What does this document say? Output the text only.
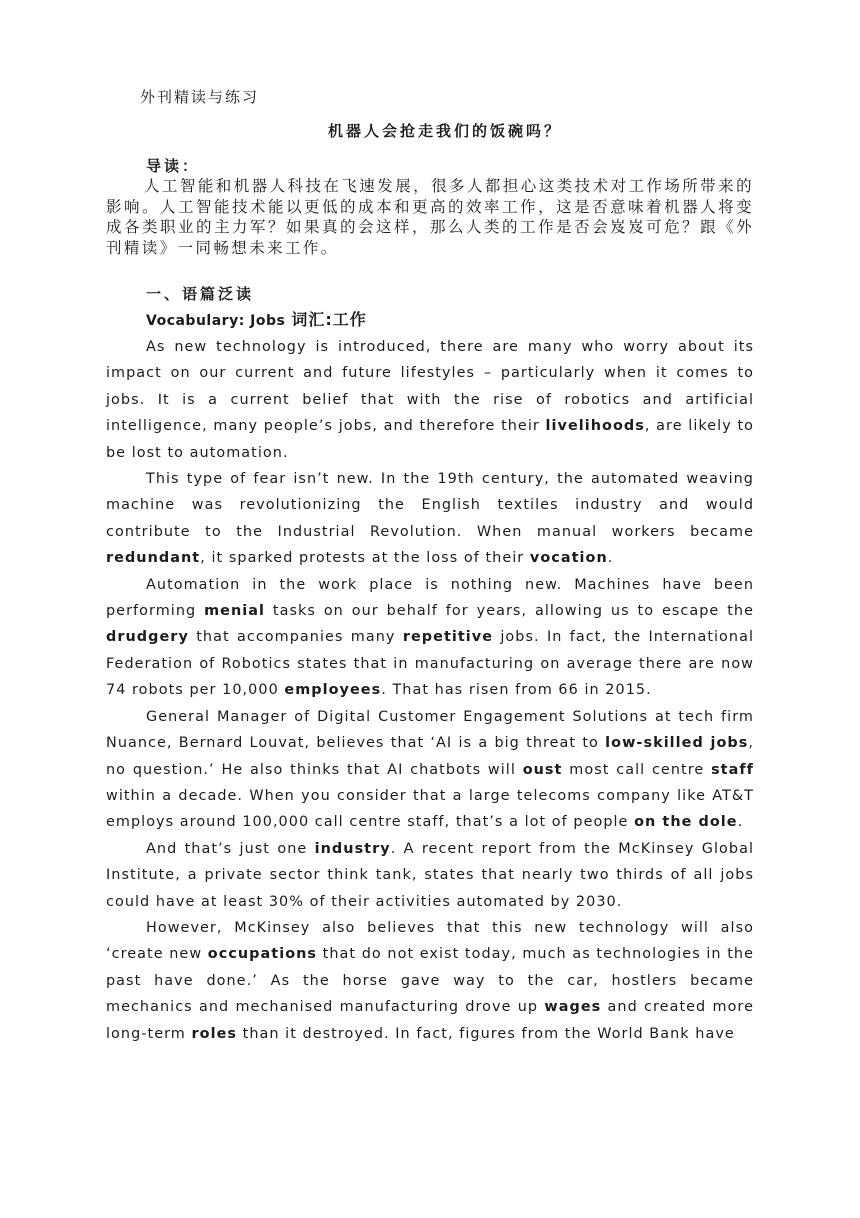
外刊精读与练习
机器人会抢走我们的饭碗吗？
导读：
人工智能和机器人科技在飞速发展，很多人都担心这类技术对工作场所带来的影响。人工智能技术能以更低的成本和更高的效率工作，这是否意味着机器人将变成各类职业的主力军？如果真的会这样，那么人类的工作是否会岌岌可危？跟《外刊精读》一同畅想未来工作。
一、语篇泛读
Vocabulary: Jobs 词汇:工作

As new technology is introduced, there are many who worry about its impact on our current and future lifestyles – particularly when it comes to jobs. It is a current belief that with the rise of robotics and artificial intelligence, many people’s jobs, and therefore their livelihoods, are likely to be lost to automation.

This type of fear isn’t new. In the 19th century, the automated weaving machine was revolutionizing the English textiles industry and would contribute to the Industrial Revolution. When manual workers became redundant, it sparked protests at the loss of their vocation.

Automation in the work place is nothing new. Machines have been performing menial tasks on our behalf for years, allowing us to escape the drudgery that accompanies many repetitive jobs. In fact, the International Federation of Robotics states that in manufacturing on average there are now 74 robots per 10,000 employees. That has risen from 66 in 2015.

General Manager of Digital Customer Engagement Solutions at tech firm Nuance, Bernard Louvat, believes that ‘AI is a big threat to low-skilled jobs, no question.’ He also thinks that AI chatbots will oust most call centre staff within a decade. When you consider that a large telecoms company like AT&T employs around 100,000 call centre staff, that’s a lot of people on the dole.

And that’s just one industry. A recent report from the McKinsey Global Institute, a private sector think tank, states that nearly two thirds of all jobs could have at least 30% of their activities automated by 2030.

However, McKinsey also believes that this new technology will also ‘create new occupations that do not exist today, much as technologies in the past have done.’ As the horse gave way to the car, hostlers became mechanics and mechanised manufacturing drove up wages and created more long-term roles than it destroyed. In fact, figures from the World Bank have
